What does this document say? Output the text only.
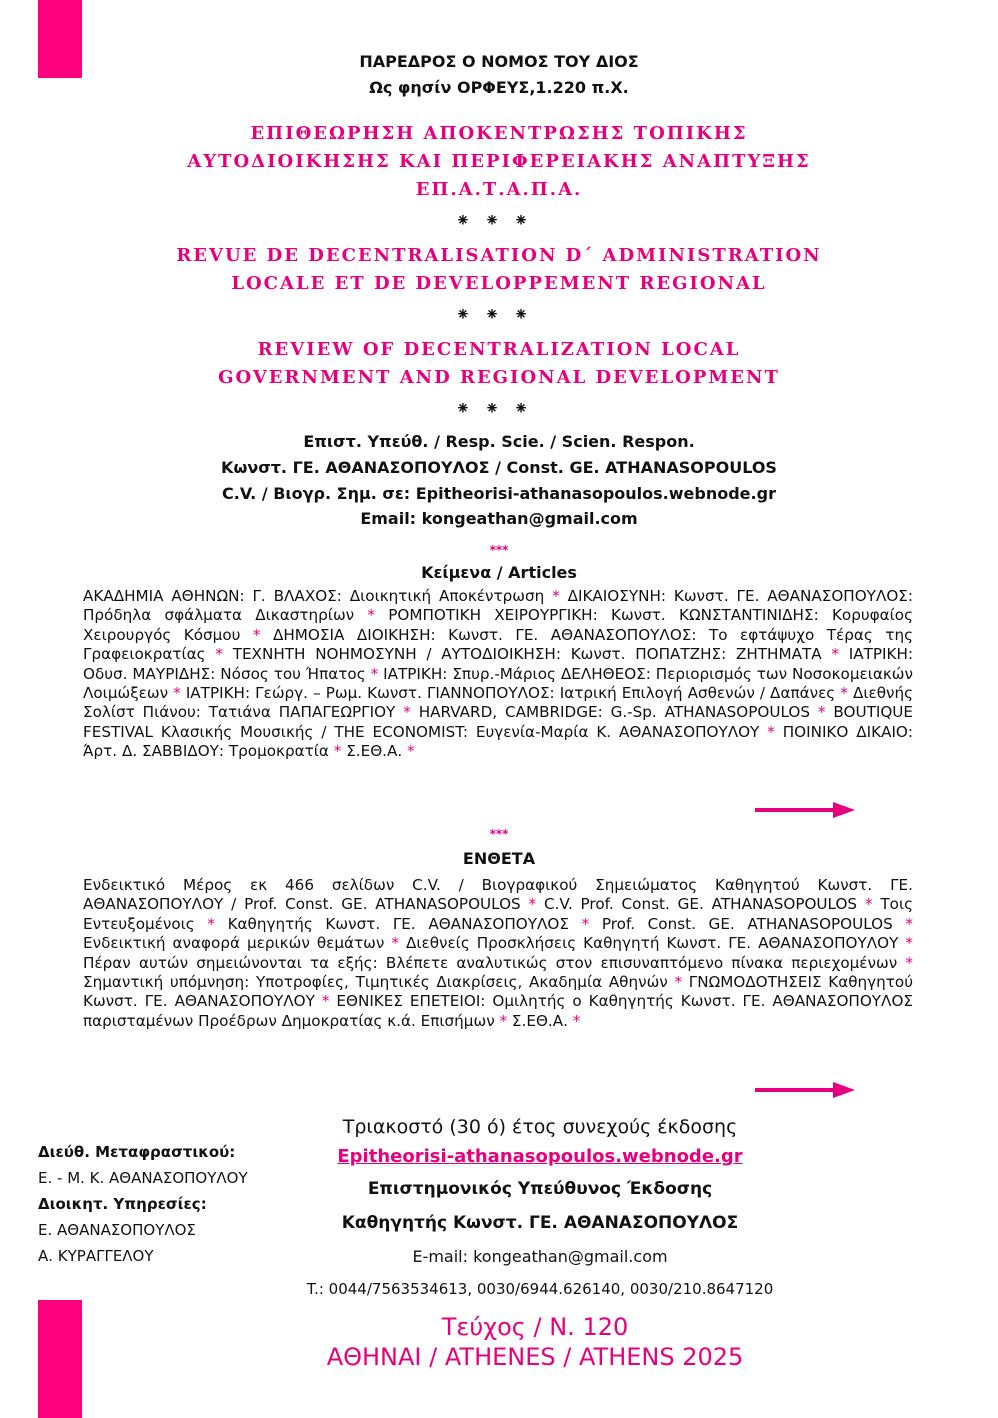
ΠΑΡΕΔΡΟΣ Ο ΝΟΜΟΣ ΤΟΥ ΔΙΟΣ
Ως φησίν ΟΡΦΕΥΣ,1.220 π.Χ.
ΕΠΙΘΕΩΡΗΣΗ ΑΠΟΚΕΝΤΡΩΣΗΣ ΤΟΠΙΚΗΣ
ΑΥΤΟΔΙΟΙΚΗΣΗΣ ΚΑΙ ΠΕΡΙΦΕΡΕΙΑΚΗΣ ΑΝΑΠΤΥΞΗΣ
ΕΠ.Α.Τ.Α.Π.Α.
⁕⁕⁕
REVUE DE DECENTRALISATION D΄ ADMINISTRATION
LOCALE ET DE DEVELOPPEMENT REGIONAL
⁕⁕⁕
REVIEW OF DECENTRALIZATION LOCAL
GOVERNMENT AND REGIONAL DEVELOPMENT
⁕⁕⁕
Επιστ. Υπεύθ. / Resp. Scie. / Scien. Respon.
Κωνστ. ΓΕ. ΑΘΑΝΑΣΟΠΟΥΛΟΣ / Const. GE. ATHANASOPOULOS
C.V. / Βιογρ. Σημ. σε: Epitheorisi-athanasopoulos.webnode.gr
Email: kongeathan@gmail.com
***
Κείμενα / Articles

ΑΚΑΔΗΜΙΑ ΑΘΗΝΩΝ: Γ. ΒΛΑΧΟΣ: Διοικητική Αποκέντρωση * ΔΙΚΑΙΟΣΥΝΗ: Κωνστ. ΓΕ. ΑΘΑΝΑΣΟΠΟΥΛΟΣ: Πρόδηλα σφάλματα Δικαστηρίων * ΡΟΜΠΟΤΙΚΗ ΧΕΙΡΟΥΡΓΙΚΗ: Κωνστ. ΚΩΝΣΤΑΝΤΙΝΙΔΗΣ: Κορυφαίος Χειρουργός Κόσμου * ΔΗΜΟΣΙΑ ΔΙΟΙΚΗΣΗ: Κωνστ. ΓΕ. ΑΘΑΝΑΣΟΠΟΥΛΟΣ: Το εφτάψυχο Τέρας της Γραφειοκρατίας * ΤΕΧΝΗΤΗ ΝΟΗΜΟΣΥΝΗ / ΑΥΤΟΔΙΟΙΚΗΣΗ: Κωνστ. ΠΟΠΑΤΖΗΣ: ΖΗΤΗΜΑΤΑ * ΙΑΤΡΙΚΗ: Οδυσ. ΜΑΥΡΙΔΗΣ: Νόσος του Ήπατος * ΙΑΤΡΙΚΗ: Σπυρ.-Μάριος ΔΕΛΗΘΕΟΣ: Περιορισμός των Νοσοκομειακών Λοιμώξεων * ΙΑΤΡΙΚΗ: Γεώργ. – Ρωμ. Κωνστ. ΓΙΑΝΝΟΠΟΥΛΟΣ: Ιατρική Επιλογή Ασθενών / Δαπάνες * Διεθνής Σολίστ Πιάνου: Τατιάνα ΠΑΠΑΓΕΩΡΓΙΟΥ * HARVARD, CAMBRIDGE: G.-Sp. ATHANASOPOULOS * BOUTIQUE FESTIVAL Κλασικής Μουσικής / THE ECONOMIST: Ευγενία-Μαρία Κ. ΑΘΑΝΑΣΟΠΟΥΛΟΥ * ΠΟΙΝΙΚΟ ΔΙΚΑΙΟ: Άρτ. Δ. ΣΑΒΒΙΔΟΥ: Τρομοκρατία * Σ.ΕΘ.Α. *

***
ΕΝΘΕΤΑ

Ενδεικτικό Μέρος εκ 466 σελίδων C.V. / Βιογραφικού Σημειώματος Καθηγητού Κωνστ. ΓΕ. ΑΘΑΝΑΣΟΠΟΥΛΟΥ / Prof. Const. GE. ATHANASOPOULOS * C.V. Prof. Const. GE. ATHANASOPOULOS * Τοις Εντευξομένοις * Καθηγητής Κωνστ. ΓΕ. ΑΘΑΝΑΣΟΠΟΥΛΟΣ * Prof. Const. GE. ATHANASOPOULOS * Ενδεικτική αναφορά μερικών θεμάτων * Διεθνείς Προσκλήσεις Καθηγητή Κωνστ. ΓΕ. ΑΘΑΝΑΣΟΠΟΥΛΟΥ * Πέραν αυτών σημειώνονται τα εξής: Βλέπετε αναλυτικώς στον επισυναπτόμενο πίνακα περιεχομένων * Σημαντική υπόμνηση: Υποτροφίες, Τιμητικές Διακρίσεις, Ακαδημία Αθηνών * ΓΝΩΜΟΔΟΤΗΣΕΙΣ Καθηγητού Κωνστ. ΓΕ. ΑΘΑΝΑΣΟΠΟΥΛΟΥ * ΕΘΝΙΚΕΣ ΕΠΕΤΕΙΟΙ: Ομιλητής ο Καθηγητής Κωνστ. ΓΕ. ΑΘΑΝΑΣΟΠΟΥΛΟΣ παρισταμένων Προέδρων Δημοκρατίας κ.ά. Επισήμων * Σ.ΕΘ.Α. *

Διεύθ. Μεταφραστικού:
Ε. - Μ. Κ. ΑΘΑΝΑΣΟΠΟΥΛΟΥ
Διοικητ. Υπηρεσίες:
Ε. ΑΘΑΝΑΣΟΠΟΥΛΟΣ
Α. ΚΥΡΑΓΓΕΛΟΥ
Τριακοστό (30 ό) έτος συνεχούς έκδοσης
Epitheorisi-athanasopoulos.webnode.gr
Επιστημονικός Υπεύθυνος Έκδοσης
Καθηγητής Κωνστ. ΓΕ. ΑΘΑΝΑΣΟΠΟΥΛΟΣ
E-mail: kongeathan@gmail.com
T.: 0044/7563534613, 0030/6944.626140, 0030/210.8647120
Τεύχος / Ν. 120
ΑΘΗΝΑΙ / ATHENES / ATHENS 2025
